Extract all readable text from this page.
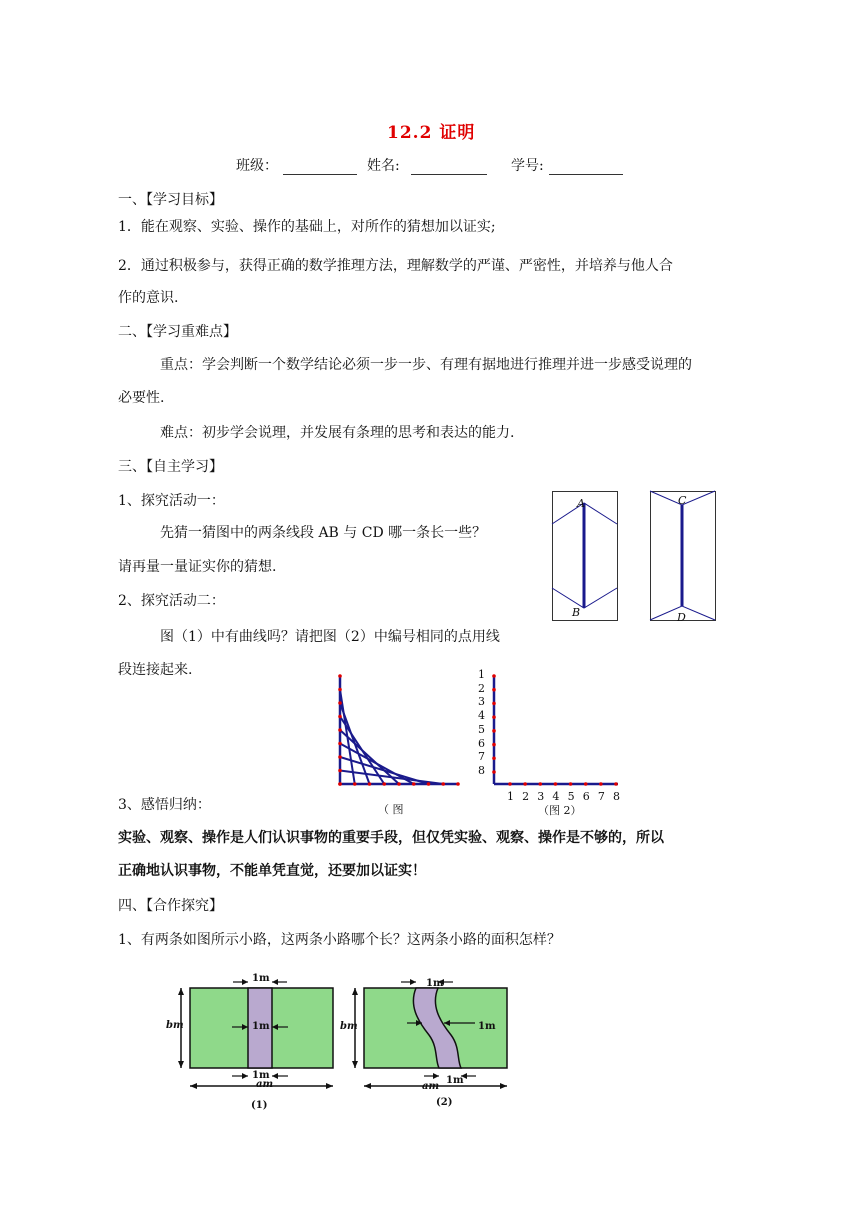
12.2 证明
班级：	姓名:	学号:
一、【学习目标】
1．能在观察、实验、操作的基础上，对所作的猜想加以证实;
2．通过积极参与，获得正确的数学推理方法，理解数学的严谨、严密性，并培养与他人合
作的意识.
二、【学习重难点】
重点：学会判断一个数学结论必须一步一步、有理有据地进行推理并进一步感受说理的
必要性.
难点：初步学会说理，并发展有条理的思考和表达的能力.
三、【自主学习】
1、探究活动一：
先猜一猜图中的两条线段 AB 与 CD 哪一条长一些？
请再量一量证实你的猜想.
2、探究活动二：
图（1）中有曲线吗？请把图（2）中编号相同的点用线
段连接起来.
3、感悟归纳：
实验、观察、操作是人们认识事物的重要手段，但仅凭实验、观察、操作是不够的，所以
正确地认识事物，不能单凭直觉，还要加以证实！
A
B
C
D
（ 图
1
2
3
4
5
6
7
8
1 2 3 4 5 6 7 8
（图 2）
四、【合作探究】
1、有两条如图所示小路，这两条小路哪个长？这两条小路的面积怎样？
1m
1m
1m
bm
am
(1)
1m
1m
1m
bm
am
(2)
